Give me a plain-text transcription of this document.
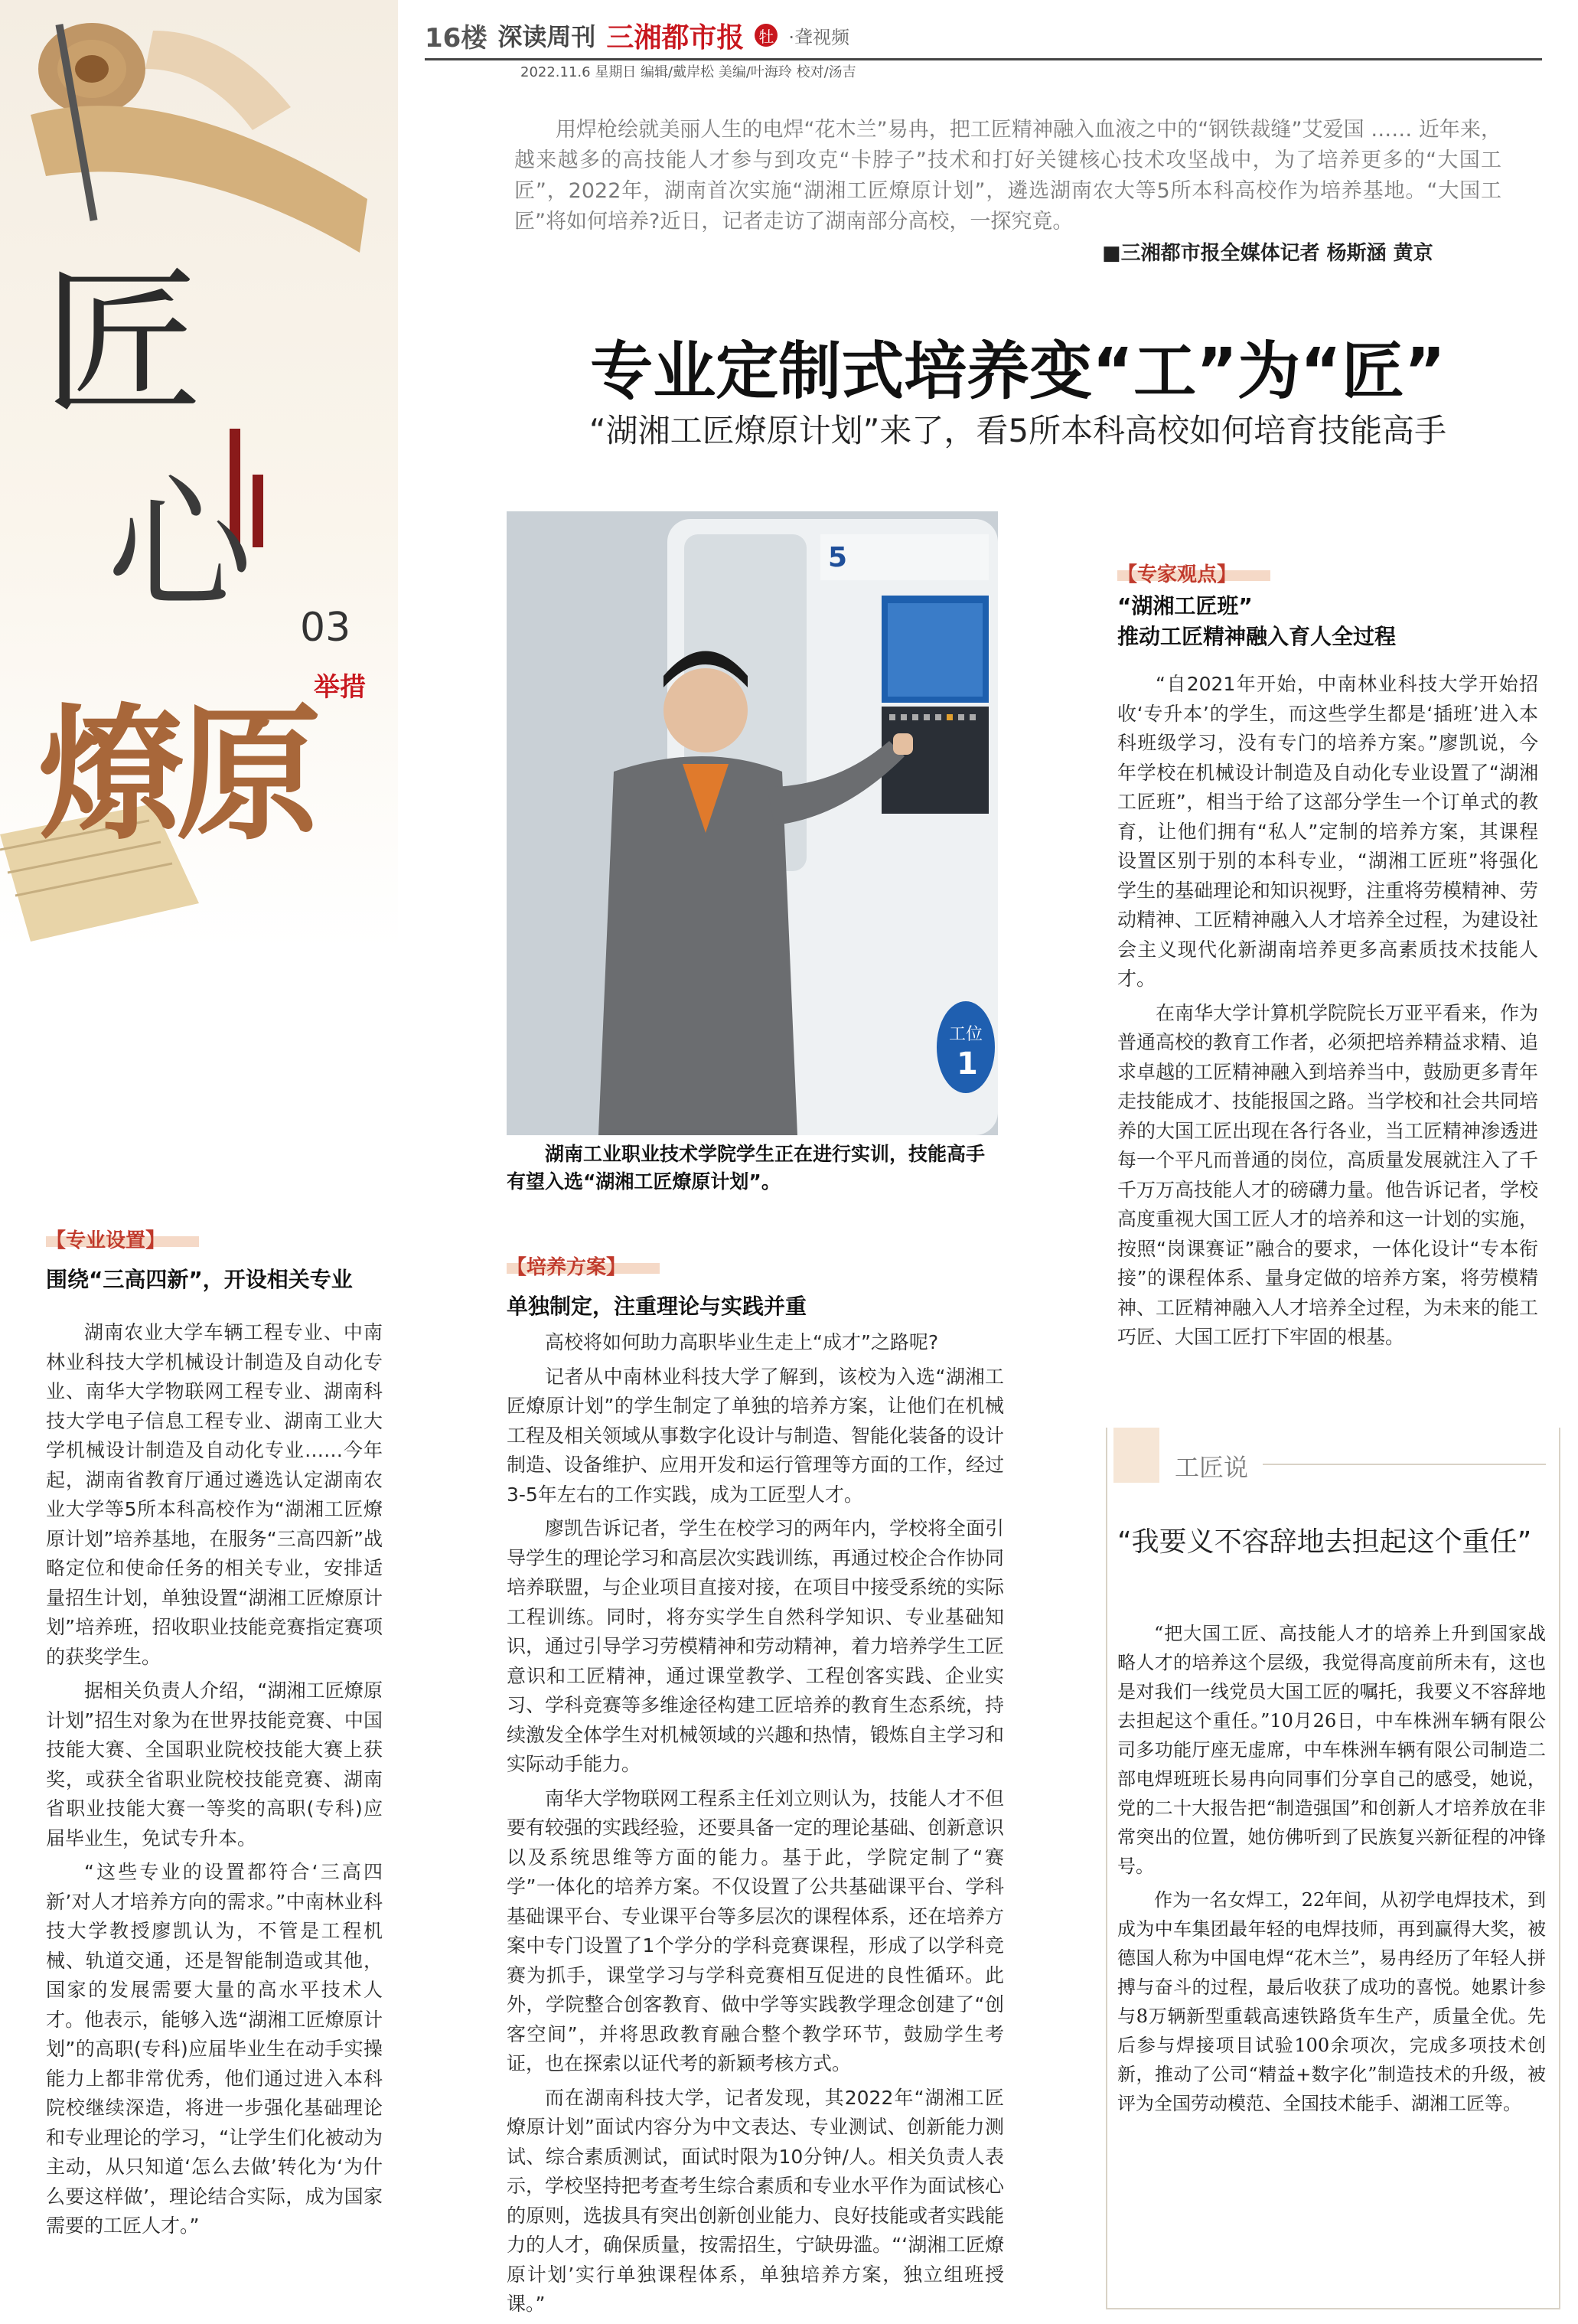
16楼 深读周刊 三湘都市报 牡 ·聋视频
2022.11.6 星期日 编辑/戴岸松 美编/叶海玲 校对/汤吉
匠
心 03
举措
燎原
用焊枪绘就美丽人生的电焊“花木兰”易冉，把工匠精神融入血液之中的“钢铁裁缝”艾爱国 …… 近年来，越来越多的高技能人才参与到攻克“卡脖子”技术和打好关键核心技术攻坚战中，为了培养更多的“大国工匠”，2022年，湖南首次实施“湖湘工匠燎原计划”，遴选湖南农大等5所本科高校作为培养基地。“大国工匠”将如何培养?近日，记者走访了湖南部分高校，一探究竟。
■三湘都市报全媒体记者 杨斯涵 黄京
专业定制式培养变“工”为“匠”
“湖湘工匠燎原计划”来了，看5所本科高校如何培育技能高手
5
工位
1
湖南工业职业技术学院学生正在进行实训，技能高手有望入选“湖湘工匠燎原计划”。
【专业设置】
围绕“三高四新”，开设相关专业

湖南农业大学车辆工程专业、中南林业科技大学机械设计制造及自动化专业、南华大学物联网工程专业、湖南科技大学电子信息工程专业、湖南工业大学机械设计制造及自动化专业……今年起，湖南省教育厅通过遴选认定湖南农业大学等5所本科高校作为“湖湘工匠燎原计划”培养基地，在服务“三高四新”战略定位和使命任务的相关专业，安排适量招生计划，单独设置“湖湘工匠燎原计划”培养班，招收职业技能竞赛指定赛项的获奖学生。

据相关负责人介绍，“湖湘工匠燎原计划”招生对象为在世界技能竞赛、中国技能大赛、全国职业院校技能大赛上获奖，或获全省职业院校技能竞赛、湖南省职业技能大赛一等奖的高职(专科)应届毕业生，免试专升本。

“这些专业的设置都符合‘三高四新’对人才培养方向的需求。”中南林业科技大学教授廖凯认为，不管是工程机械、轨道交通，还是智能制造或其他，国家的发展需要大量的高水平技术人才。他表示，能够入选“湖湘工匠燎原计划”的高职(专科)应届毕业生在动手实操能力上都非常优秀，他们通过进入本科院校继续深造，将进一步强化基础理论和专业理论的学习，“让学生们化被动为主动，从只知道‘怎么去做’转化为‘为什么要这样做’，理论结合实际，成为国家需要的工匠人才。”

【培养方案】
单独制定，注重理论与实践并重

高校将如何助力高职毕业生走上“成才”之路呢?

记者从中南林业科技大学了解到，该校为入选“湖湘工匠燎原计划”的学生制定了单独的培养方案，让他们在机械工程及相关领域从事数字化设计与制造、智能化装备的设计制造、设备维护、应用开发和运行管理等方面的工作，经过3-5年左右的工作实践，成为工匠型人才。

廖凯告诉记者，学生在校学习的两年内，学校将全面引导学生的理论学习和高层次实践训练，再通过校企合作协同培养联盟，与企业项目直接对接，在项目中接受系统的实际工程训练。同时，将夯实学生自然科学知识、专业基础知识，通过引导学习劳模精神和劳动精神，着力培养学生工匠意识和工匠精神，通过课堂教学、工程创客实践、企业实习、学科竞赛等多维途径构建工匠培养的教育生态系统，持续激发全体学生对机械领域的兴趣和热情，锻炼自主学习和实际动手能力。

南华大学物联网工程系主任刘立则认为，技能人才不但要有较强的实践经验，还要具备一定的理论基础、创新意识以及系统思维等方面的能力。基于此，学院定制了“赛学”一体化的培养方案。不仅设置了公共基础课平台、学科基础课平台、专业课平台等多层次的课程体系，还在培养方案中专门设置了1个学分的学科竞赛课程，形成了以学科竞赛为抓手，课堂学习与学科竞赛相互促进的良性循环。此外，学院整合创客教育、做中学等实践教学理念创建了“创客空间”，并将思政教育融合整个教学环节，鼓励学生考证，也在探索以证代考的新颖考核方式。

而在湖南科技大学，记者发现，其2022年“湖湘工匠燎原计划”面试内容分为中文表达、专业测试、创新能力测试、综合素质测试，面试时限为10分钟/人。相关负责人表示，学校坚持把考查考生综合素质和专业水平作为面试核心的原则，选拔具有突出创新创业能力、良好技能或者实践能力的人才，确保质量，按需招生，宁缺毋滥。“‘湖湘工匠燎原计划’实行单独课程体系，单独培养方案，独立组班授课。”

【专家观点】
“湖湘工匠班”
推动工匠精神融入育人全过程

“自2021年开始，中南林业科技大学开始招收‘专升本’的学生，而这些学生都是‘插班’进入本科班级学习，没有专门的培养方案。”廖凯说，今年学校在机械设计制造及自动化专业设置了“湖湘工匠班”，相当于给了这部分学生一个订单式的教育，让他们拥有“私人”定制的培养方案，其课程设置区别于别的本科专业，“湖湘工匠班”将强化学生的基础理论和知识视野，注重将劳模精神、劳动精神、工匠精神融入人才培养全过程，为建设社会主义现代化新湖南培养更多高素质技术技能人才。

在南华大学计算机学院院长万亚平看来，作为普通高校的教育工作者，必须把培养精益求精、追求卓越的工匠精神融入到培养当中，鼓励更多青年走技能成才、技能报国之路。当学校和社会共同培养的大国工匠出现在各行各业，当工匠精神渗透进每一个平凡而普通的岗位，高质量发展就注入了千千万万高技能人才的磅礴力量。他告诉记者，学校高度重视大国工匠人才的培养和这一计划的实施，按照“岗课赛证”融合的要求，一体化设计“专本衔接”的课程体系、量身定做的培养方案，将劳模精神、工匠精神融入人才培养全过程，为未来的能工巧匠、大国工匠打下牢固的根基。

工匠说
“我要义不容辞地去担起这个重任”

“把大国工匠、高技能人才的培养上升到国家战略人才的培养这个层级，我觉得高度前所未有，这也是对我们一线党员大国工匠的嘱托，我要义不容辞地去担起这个重任。”10月26日，中车株洲车辆有限公司多功能厅座无虚席，中车株洲车辆有限公司制造二部电焊班班长易冉向同事们分享自己的感受，她说，党的二十大报告把“制造强国”和创新人才培养放在非常突出的位置，她仿佛听到了民族复兴新征程的冲锋号。

作为一名女焊工，22年间，从初学电焊技术，到成为中车集团最年轻的电焊技师，再到赢得大奖，被德国人称为中国电焊“花木兰”，易冉经历了年轻人拼搏与奋斗的过程，最后收获了成功的喜悦。她累计参与8万辆新型重载高速铁路货车生产，质量全优。先后参与焊接项目试验100余项次，完成多项技术创新，推动了公司“精益+数字化”制造技术的升级，被评为全国劳动模范、全国技术能手、湖湘工匠等。
